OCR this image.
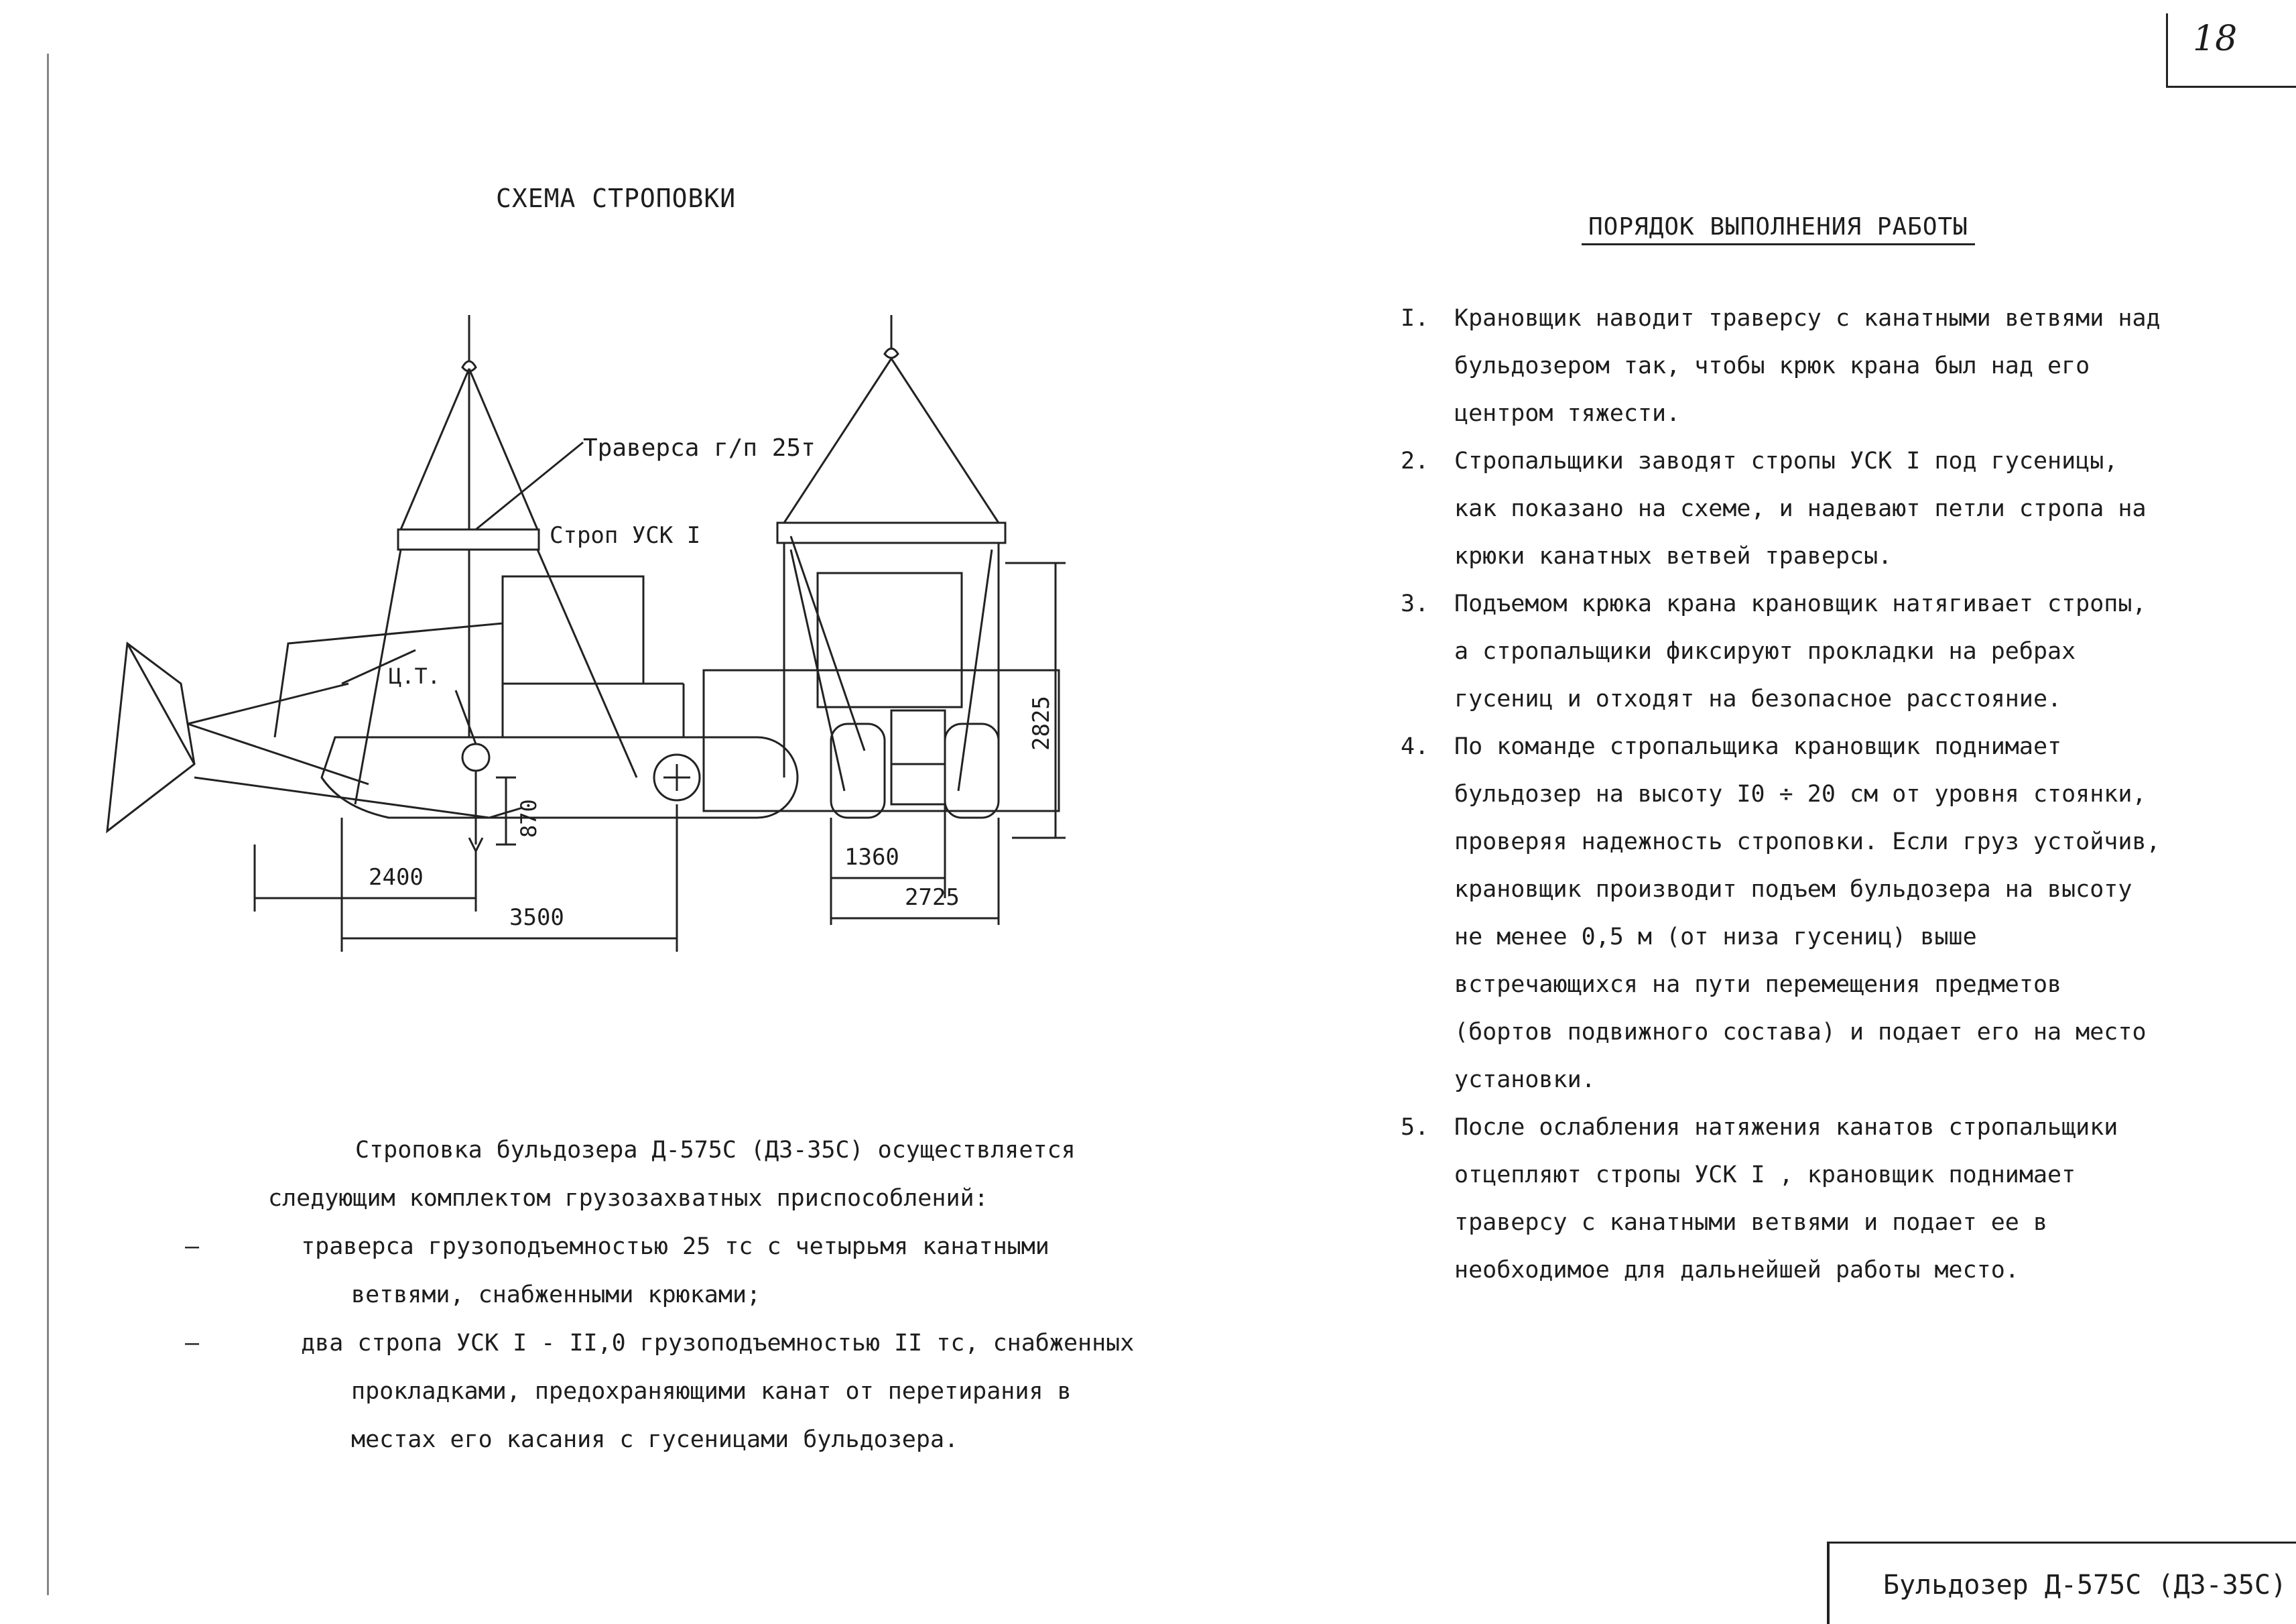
18
СХЕМА СТРОПОВКИ
Траверса г/п 25т
Строп УСК I
Ц.Т.
2400
3500
870
1360
2725
2825

Строповка бульдозера Д-575С (ДЗ-35С) осуществляется следующим комплектом грузозахватных приспособлений:

–	траверса грузоподъемностью 25 тс с четырьмя канатными ветвями, снабженными крюками;

–	два стропа УСК I - II,0 грузоподъемностью II тс, снабженных прокладками, предохраняющими канат от перетирания в местах его касания с гусеницами бульдозера.

ПОРЯДОК ВЫПОЛНЕНИЯ РАБОТЫ
I. Крановщик наводит траверсу с канатными ветвями над бульдозером так, чтобы крюк крана был над его центром тяжести.
2. Стропальщики заводят стропы УСК I под гусеницы, как показано на схеме, и надевают петли стропа на крюки канатных ветвей траверсы.
3. Подъемом крюка крана крановщик натягивает стропы, а стропальщики фиксируют прокладки на ребрах гусениц и отходят на безопасное расстояние.
4. По команде стропальщика крановщик поднимает бульдозер на высоту I0 ÷ 20 см от уровня стоянки, проверяя надежность строповки. Если груз устойчив, крановщик производит подъем бульдозера на высоту не менее 0,5 м (от низа гусениц) выше встречающихся на пути перемещения предметов (бортов подвижного состава) и подает его на место установки.
5. После ослабления натяжения канатов стропальщики отцепляют стропы УСК I , крановщик поднимает траверсу с канатными ветвями и подает ее в необходимое для дальнейшей работы место.
Бульдозер Д-575С (ДЗ-35С)
